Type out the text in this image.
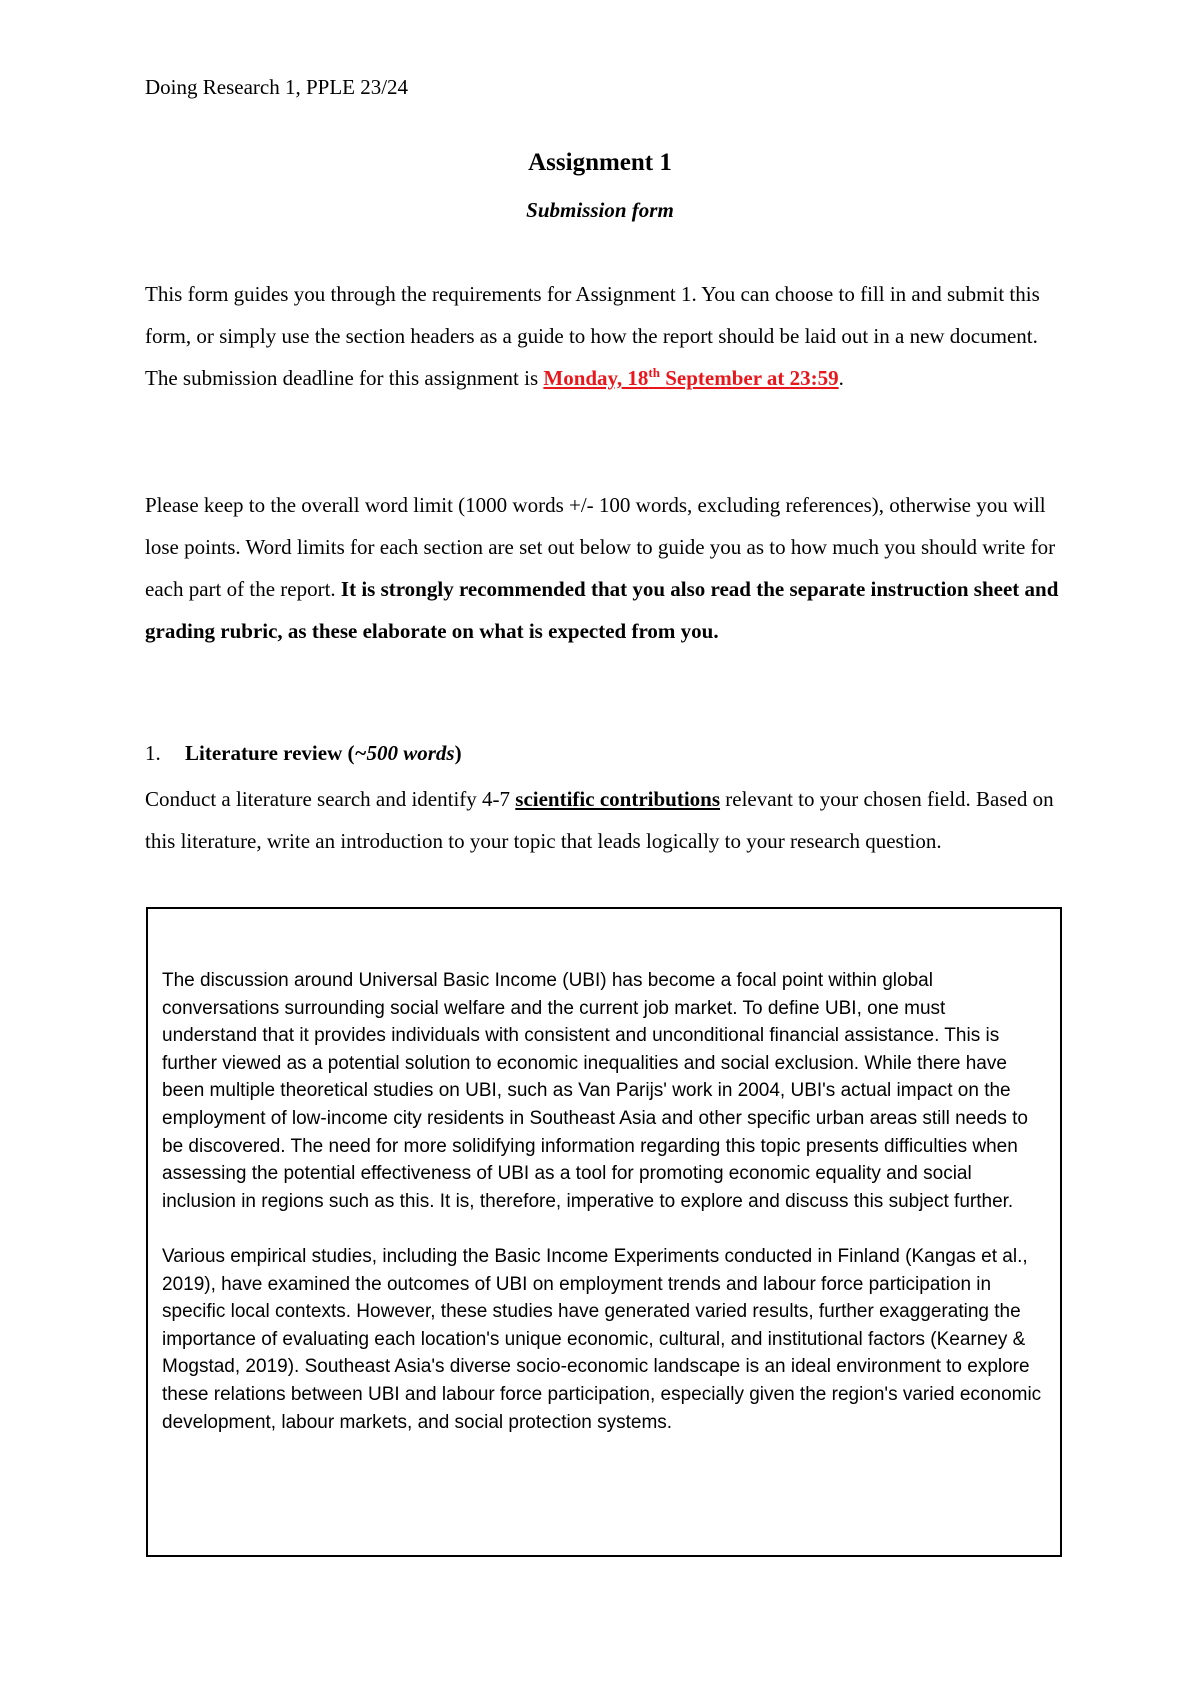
Doing Research 1, PPLE 23/24
Assignment 1
Submission form
This form guides you through the requirements for Assignment 1. You can choose to fill in and submit this form, or simply use the section headers as a guide to how the report should be laid out in a new document. The submission deadline for this assignment is Monday, 18th September at 23:59.
Please keep to the overall word limit (1000 words +/- 100 words, excluding references), otherwise you will lose points. Word limits for each section are set out below to guide you as to how much you should write for each part of the report. It is strongly recommended that you also read the separate instruction sheet and grading rubric, as these elaborate on what is expected from you.
1. Literature review (~500 words)
Conduct a literature search and identify 4-7 scientific contributions relevant to your chosen field. Based on this literature, write an introduction to your topic that leads logically to your research question.

The discussion around Universal Basic Income (UBI) has become a focal point within global conversations surrounding social welfare and the current job market. To define UBI, one must understand that it provides individuals with consistent and unconditional financial assistance. This is further viewed as a potential solution to economic inequalities and social exclusion. While there have been multiple theoretical studies on UBI, such as Van Parijs' work in 2004, UBI's actual impact on the employment of low-income city residents in Southeast Asia and other specific urban areas still needs to be discovered. The need for more solidifying information regarding this topic presents difficulties when assessing the potential effectiveness of UBI as a tool for promoting economic equality and social inclusion in regions such as this. It is, therefore, imperative to explore and discuss this subject further.

Various empirical studies, including the Basic Income Experiments conducted in Finland (Kangas et al., 2019), have examined the outcomes of UBI on employment trends and labour force participation in specific local contexts. However, these studies have generated varied results, further exaggerating the importance of evaluating each location's unique economic, cultural, and institutional factors (Kearney & Mogstad, 2019). Southeast Asia's diverse socio-economic landscape is an ideal environment to explore these relations between UBI and labour force participation, especially given the region's varied economic development, labour markets, and social protection systems.
